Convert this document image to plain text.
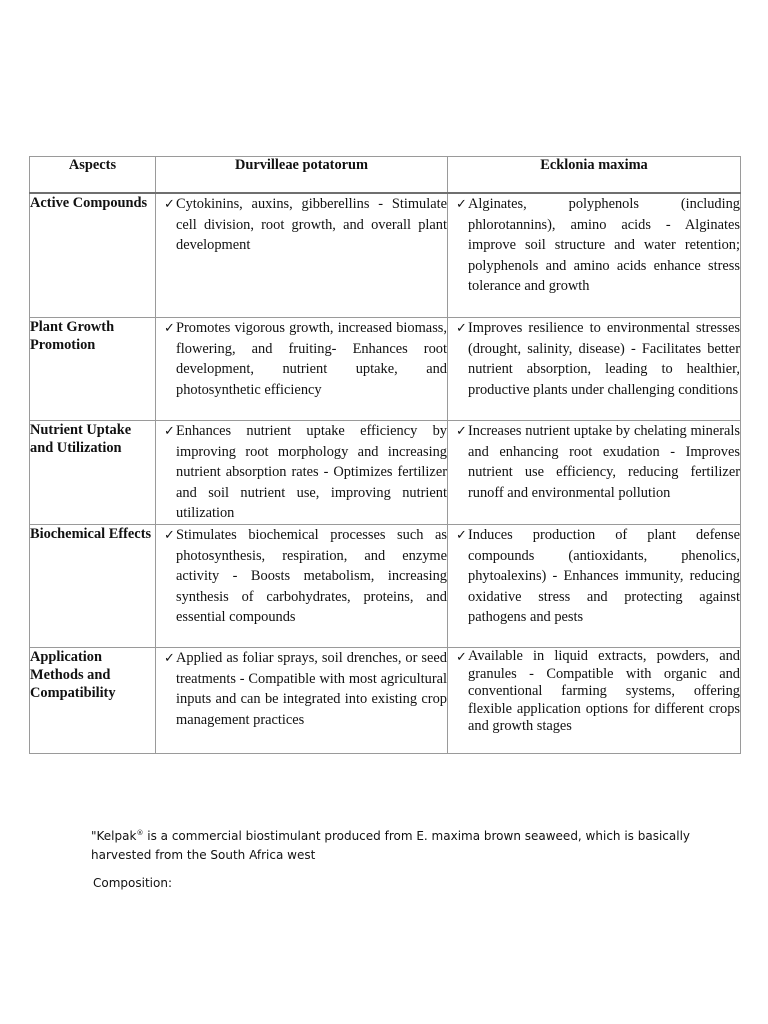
Aspects	Durvilleae potatorum	Ecklonia maxima
Active Compounds	✓ Cytokinins, auxins, gibberellins - Stimulate cell division, root growth, and overall plant development	✓ Alginates, polyphenols (including phlorotannins), amino acids - Alginates improve soil structure and water retention; polyphenols and amino acids enhance stress tolerance and growth

Plant Growth Promotion	✓ Promotes vigorous growth, increased biomass, flowering, and fruiting- Enhances root development, nutrient uptake, and photosynthetic efficiency	✓ Improves resilience to environmental stresses (drought, salinity, disease) - Facilitates better nutrient absorption, leading to healthier, productive plants under challenging conditions

Nutrient Uptake and Utilization	✓ Enhances nutrient uptake efficiency by improving root morphology and increasing nutrient absorption rates - Optimizes fertilizer and soil nutrient use, improving nutrient utilization	✓ Increases nutrient uptake by chelating minerals and enhancing root exudation - Improves nutrient use efficiency, reducing fertilizer runoff and environmental pollution

Biochemical Effects	✓ Stimulates biochemical processes such as photosynthesis, respiration, and enzyme activity - Boosts metabolism, increasing synthesis of carbohydrates, proteins, and essential compounds	✓ Induces production of plant defense compounds (antioxidants, phenolics, phytoalexins) - Enhances immunity, reducing oxidative stress and protecting against pathogens and pests

Application Methods and Compatibility	✓ Applied as foliar sprays, soil drenches, or seed treatments - Compatible with most agricultural inputs and can be integrated into existing crop management practices	✓ Available in liquid extracts, powders, and granules - Compatible with organic and conventional farming systems, offering flexible application options for different crops and growth stages
"Kelpak® is a commercial biostimulant produced from E. maxima brown seaweed, which is basically harvested from the South Africa west
Composition:
